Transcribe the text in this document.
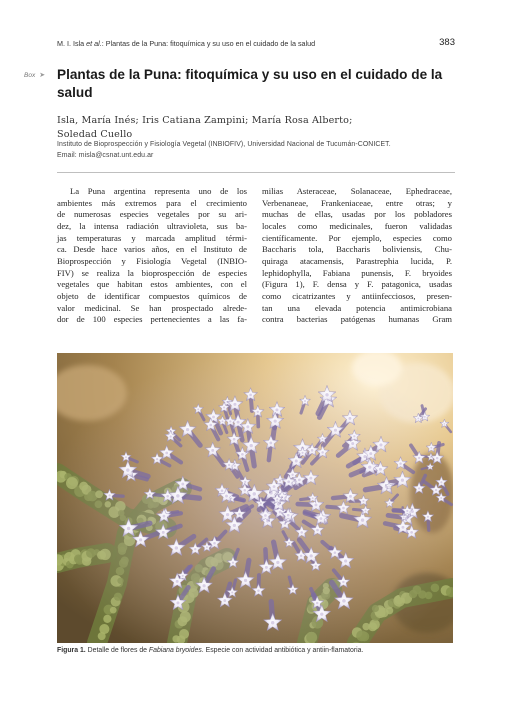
M. I. Isla et al.: Plantas de la Puna: fitoquímica y su uso en el cuidado de la salud	383
Box ➤ Plantas de la Puna: fitoquímica y su uso en el cuidado de la salud
Isla, María Inés; Iris Catiana Zampini; María Rosa Alberto;
Soledad Cuello
Instituto de Bioprospección y Fisiología Vegetal (INBIOFIV), Universidad Nacional de Tucumán-CONICET.
Email: misla@csnat.unt.edu.ar

La Puna argentina representa uno de los
ambientes más extremos para el crecimiento
de numerosas especies vegetales por su ari-
dez, la intensa radiación ultravioleta, sus ba-
jas temperaturas y marcada amplitud térmi-
ca. Desde hace varios años, en el Instituto de
Bioprospección y Fisiología Vegetal (INBIO-
FIV) se realiza la bioprospección de especies
vegetales que habitan estos ambientes, con el
objeto de identificar compuestos químicos de
valor medicinal. Se han prospectado alrede-
dor de 100 especies pertenecientes a las fa-

milias Asteraceae, Solanaceae, Ephedraceae,
Verbenaneae, Frankeniaceae, entre otras; y
muchas de ellas, usadas por los pobladores
locales como medicinales, fueron validadas
científicamente. Por ejemplo, especies como
Baccharis tola, Baccharis boliviensis, Chu-
quiraga atacamensis, Parastrephia lucida, P.
lephidophylla, Fabiana punensis, F. bryoides
(Figura 1), F. densa y F. patagonica, usadas
como cicatrizantes y antiinfecciosos, presen-
tan una elevada potencia antimicrobiana
contra bacterias patógenas humanas Gram

Figura 1. Detalle de flores de Fabiana bryoides. Especie con actividad antibiótica y antiin-flamatoria.
